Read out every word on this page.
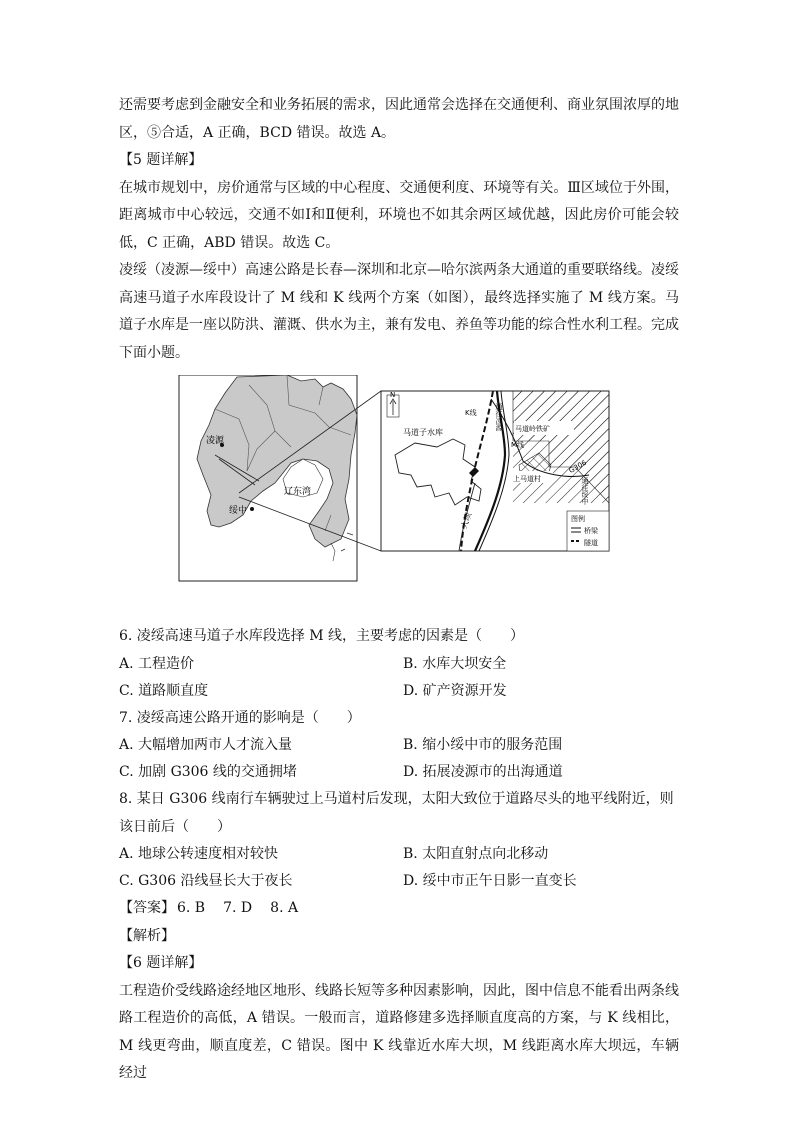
还需要考虑到金融安全和业务拓展的需求，因此通常会选择在交通便利、商业氛围浓厚的地区，⑤合适，A 正确，BCD 错误。故选 A。

【5 题详解】

在城市规划中，房价通常与区域的中心程度、交通便利度、环境等有关。Ⅲ区域位于外围，距离城市中心较远，交通不如Ⅰ和Ⅱ便利，环境也不如其余两区域优越，因此房价可能会较低，C 正确，ABD 错误。故选 C。

凌绥（凌源—绥中）高速公路是长春—深圳和北京—哈尔滨两条大通道的重要联络线。凌绥高速马道子水库段设计了 M 线和 K 线两个方案（如图），最终选择实施了 M 线方案。马道子水库是一座以防洪、灌溉、供水为主，兼有发电、养鱼等功能的综合性水利工程。完成下面小题。

凌源
绥中
辽东湾
N
马道子水库
大坝
K线
M线
G306
通往凌源 马道岭铁矿
上马道村	通往绥中
图例
桥梁
隧道

6. 凌绥高速马道子水库段选择 M 线，主要考虑的因素是（　　）

A. 工程造价	B. 水库大坝安全
C. 道路顺直度	D. 矿产资源开发

7. 凌绥高速公路开通的影响是（　　）

A. 大幅增加两市人才流入量	B. 缩小绥中市的服务范围
C. 加剧 G306 线的交通拥堵	D. 拓展凌源市的出海通道

8. 某日 G306 线南行车辆驶过上马道村后发现，太阳大致位于道路尽头的地平线附近，则该日前后（　　）

A. 地球公转速度相对较快	B. 太阳直射点向北移动
C. G306 沿线昼长大于夜长	D. 绥中市正午日影一直变长

【答案】 6. B 7. D 8. A

【解析】

【6 题详解】

工程造价受线路途经地区地形、线路长短等多种因素影响，因此，图中信息不能看出两条线路工程造价的高低，A 错误。一般而言，道路修建多选择顺直度高的方案，与 K 线相比，M 线更弯曲，顺直度差，C 错误。图中 K 线靠近水库大坝，M 线距离水库大坝远，车辆经过
